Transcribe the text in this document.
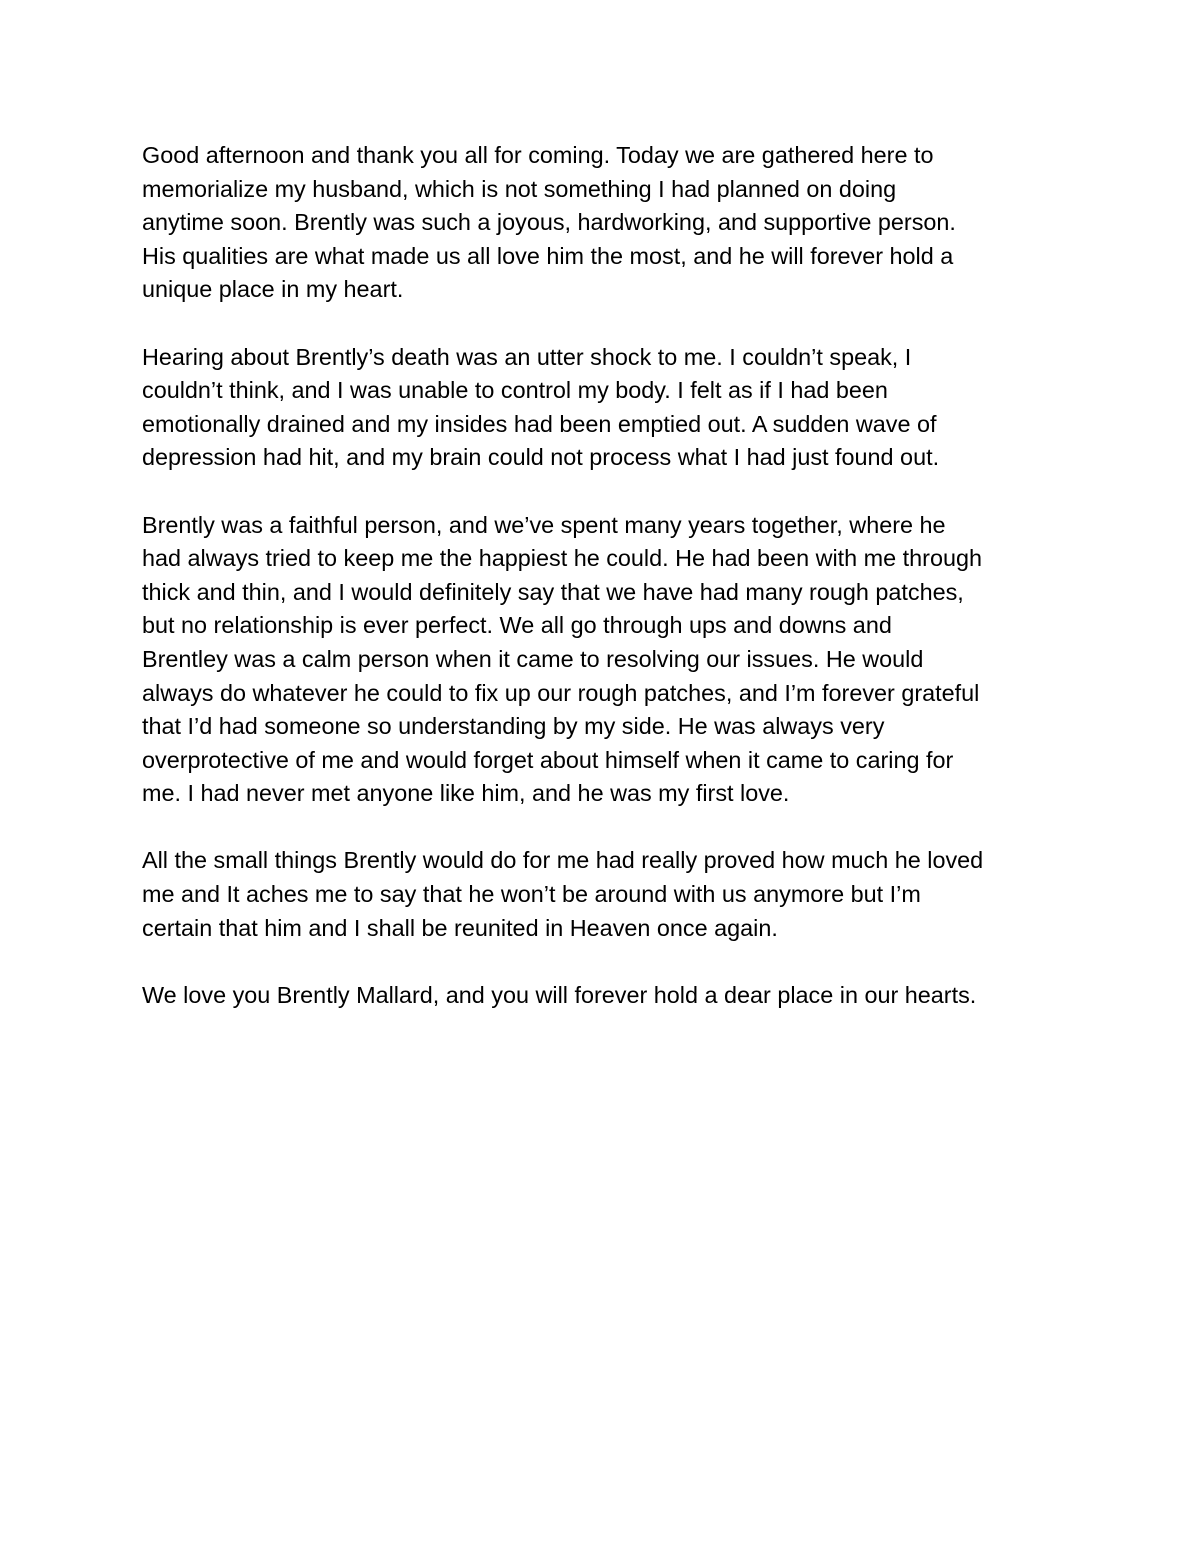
Good afternoon and thank you all for coming. Today we are gathered here to
memorialize my husband, which is not something I had planned on doing
anytime soon. Brently was such a joyous, hardworking, and supportive person.
His qualities are what made us all love him the most, and he will forever hold a
unique place in my heart.

Hearing about Brently’s death was an utter shock to me. I couldn’t speak, I
couldn’t think, and I was unable to control my body. I felt as if I had been
emotionally drained and my insides had been emptied out. A sudden wave of
depression had hit, and my brain could not process what I had just found out.

Brently was a faithful person, and we’ve spent many years together, where he
had always tried to keep me the happiest he could. He had been with me through
thick and thin, and I would definitely say that we have had many rough patches,
but no relationship is ever perfect. We all go through ups and downs and
Brentley was a calm person when it came to resolving our issues. He would
always do whatever he could to fix up our rough patches, and I’m forever grateful
that I’d had someone so understanding by my side. He was always very
overprotective of me and would forget about himself when it came to caring for
me. I had never met anyone like him, and he was my first love.

All the small things Brently would do for me had really proved how much he loved
me and It aches me to say that he won’t be around with us anymore but I’m
certain that him and I shall be reunited in Heaven once again.

We love you Brently Mallard, and you will forever hold a dear place in our hearts.
